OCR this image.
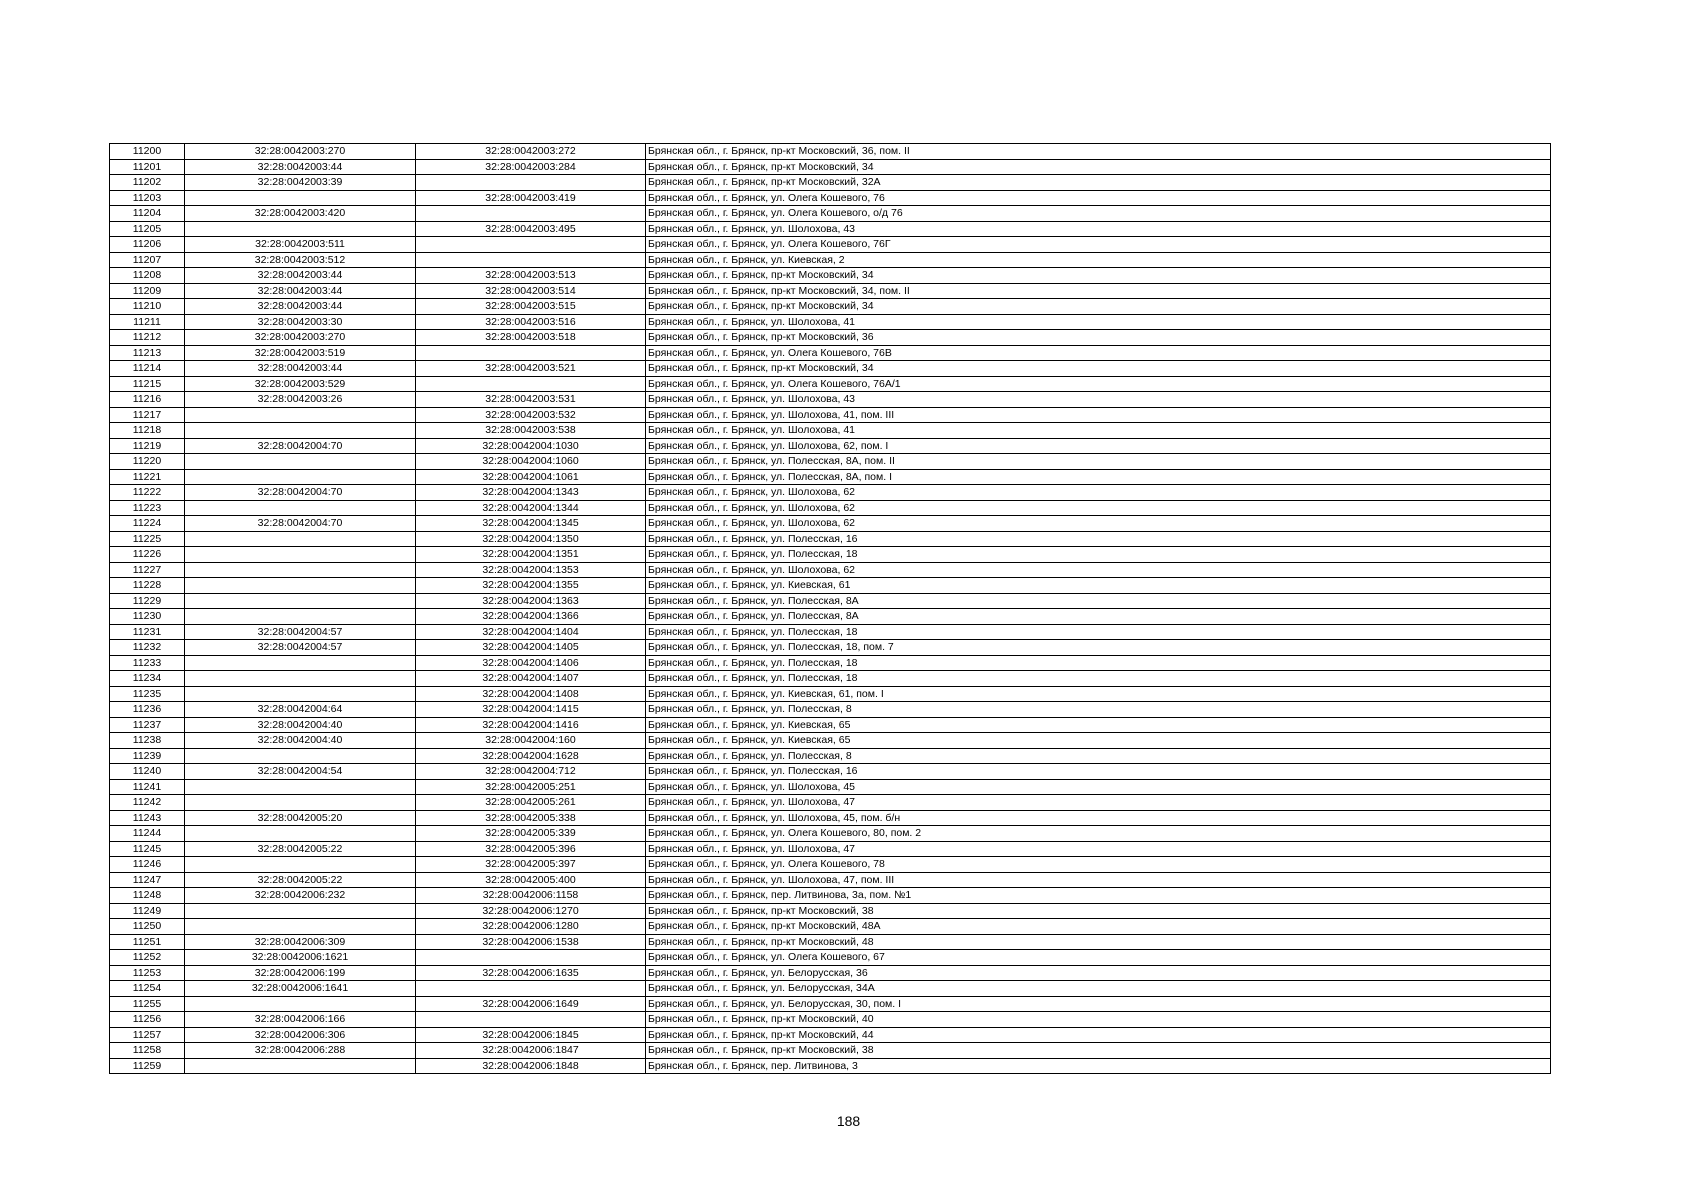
11200	32:28:0042003:270	32:28:0042003:272	Брянская обл., г. Брянск, пр-кт Московский, 36, пом. II
11201	32:28:0042003:44	32:28:0042003:284	Брянская обл., г. Брянск, пр-кт Московский, 34
11202	32:28:0042003:39		Брянская обл., г. Брянск, пр-кт Московский, 32А
11203		32:28:0042003:419	Брянская обл., г. Брянск, ул. Олега Кошевого, 76
11204	32:28:0042003:420		Брянская обл., г. Брянск, ул. Олега Кошевого, о/д 76
11205		32:28:0042003:495	Брянская обл., г. Брянск, ул. Шолохова, 43
11206	32:28:0042003:511		Брянская обл., г. Брянск, ул. Олега Кошевого, 76Г
11207	32:28:0042003:512		Брянская обл., г. Брянск, ул. Киевская, 2
11208	32:28:0042003:44	32:28:0042003:513	Брянская обл., г. Брянск, пр-кт Московский, 34
11209	32:28:0042003:44	32:28:0042003:514	Брянская обл., г. Брянск, пр-кт Московский, 34, пом. II
11210	32:28:0042003:44	32:28:0042003:515	Брянская обл., г. Брянск, пр-кт Московский, 34
11211	32:28:0042003:30	32:28:0042003:516	Брянская обл., г. Брянск, ул. Шолохова, 41
11212	32:28:0042003:270	32:28:0042003:518	Брянская обл., г. Брянск, пр-кт Московский, 36
11213	32:28:0042003:519		Брянская обл., г. Брянск, ул. Олега Кошевого, 76В
11214	32:28:0042003:44	32:28:0042003:521	Брянская обл., г. Брянск, пр-кт Московский, 34
11215	32:28:0042003:529		Брянская обл., г. Брянск, ул. Олега Кошевого, 76А/1
11216	32:28:0042003:26	32:28:0042003:531	Брянская обл., г. Брянск, ул. Шолохова, 43
11217		32:28:0042003:532	Брянская обл., г. Брянск, ул. Шолохова, 41, пом. III
11218		32:28:0042003:538	Брянская обл., г. Брянск, ул. Шолохова, 41
11219	32:28:0042004:70	32:28:0042004:1030	Брянская обл., г. Брянск, ул. Шолохова, 62, пом. I
11220		32:28:0042004:1060	Брянская обл., г. Брянск, ул. Полесская, 8А, пом. II
11221		32:28:0042004:1061	Брянская обл., г. Брянск, ул. Полесская, 8А, пом. I
11222	32:28:0042004:70	32:28:0042004:1343	Брянская обл., г. Брянск, ул. Шолохова, 62
11223		32:28:0042004:1344	Брянская обл., г. Брянск, ул. Шолохова, 62
11224	32:28:0042004:70	32:28:0042004:1345	Брянская обл., г. Брянск, ул. Шолохова, 62
11225		32:28:0042004:1350	Брянская обл., г. Брянск, ул. Полесская, 16
11226		32:28:0042004:1351	Брянская обл., г. Брянск, ул. Полесская, 18
11227		32:28:0042004:1353	Брянская обл., г. Брянск, ул. Шолохова, 62
11228		32:28:0042004:1355	Брянская обл., г. Брянск, ул. Киевская, 61
11229		32:28:0042004:1363	Брянская обл., г. Брянск, ул. Полесская, 8А
11230		32:28:0042004:1366	Брянская обл., г. Брянск, ул. Полесская, 8А
11231	32:28:0042004:57	32:28:0042004:1404	Брянская обл., г. Брянск, ул. Полесская, 18
11232	32:28:0042004:57	32:28:0042004:1405	Брянская обл., г. Брянск, ул. Полесская, 18, пом. 7
11233		32:28:0042004:1406	Брянская обл., г. Брянск, ул. Полесская, 18
11234		32:28:0042004:1407	Брянская обл., г. Брянск, ул. Полесская, 18
11235		32:28:0042004:1408	Брянская обл., г. Брянск, ул. Киевская, 61, пом. I
11236	32:28:0042004:64	32:28:0042004:1415	Брянская обл., г. Брянск, ул. Полесская, 8
11237	32:28:0042004:40	32:28:0042004:1416	Брянская обл., г. Брянск, ул. Киевская, 65
11238	32:28:0042004:40	32:28:0042004:160	Брянская обл., г. Брянск, ул. Киевская, 65
11239		32:28:0042004:1628	Брянская обл., г. Брянск, ул. Полесская, 8
11240	32:28:0042004:54	32:28:0042004:712	Брянская обл., г. Брянск, ул. Полесская, 16
11241		32:28:0042005:251	Брянская обл., г. Брянск, ул. Шолохова, 45
11242		32:28:0042005:261	Брянская обл., г. Брянск, ул. Шолохова, 47
11243	32:28:0042005:20	32:28:0042005:338	Брянская обл., г. Брянск, ул. Шолохова, 45, пом. б/н
11244		32:28:0042005:339	Брянская обл., г. Брянск, ул. Олега Кошевого, 80, пом. 2
11245	32:28:0042005:22	32:28:0042005:396	Брянская обл., г. Брянск, ул. Шолохова, 47
11246		32:28:0042005:397	Брянская обл., г. Брянск, ул. Олега Кошевого, 78
11247	32:28:0042005:22	32:28:0042005:400	Брянская обл., г. Брянск, ул. Шолохова, 47, пом. III
11248	32:28:0042006:232	32:28:0042006:1158	Брянская обл., г. Брянск, пер. Литвинова, 3а, пом. №1
11249		32:28:0042006:1270	Брянская обл., г. Брянск, пр-кт Московский, 38
11250		32:28:0042006:1280	Брянская обл., г. Брянск, пр-кт Московский, 48А
11251	32:28:0042006:309	32:28:0042006:1538	Брянская обл., г. Брянск, пр-кт Московский, 48
11252	32:28:0042006:1621		Брянская обл., г. Брянск, ул. Олега Кошевого, 67
11253	32:28:0042006:199	32:28:0042006:1635	Брянская обл., г. Брянск, ул. Белорусская, 36
11254	32:28:0042006:1641		Брянская обл., г. Брянск, ул. Белорусская, 34А
11255		32:28:0042006:1649	Брянская обл., г. Брянск, ул. Белорусская, 30, пом. I
11256	32:28:0042006:166		Брянская обл., г. Брянск, пр-кт Московский, 40
11257	32:28:0042006:306	32:28:0042006:1845	Брянская обл., г. Брянск, пр-кт Московский, 44
11258	32:28:0042006:288	32:28:0042006:1847	Брянская обл., г. Брянск, пр-кт Московский, 38
11259		32:28:0042006:1848	Брянская обл., г. Брянск, пер. Литвинова, 3
188
